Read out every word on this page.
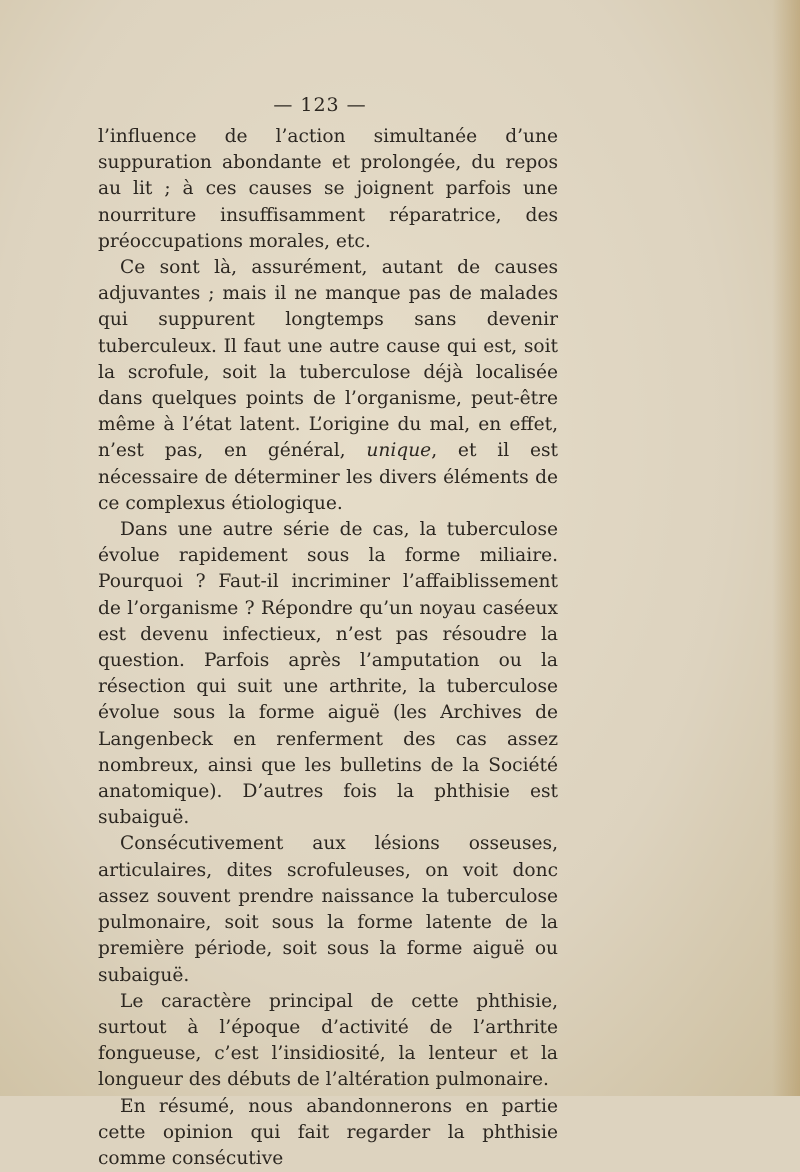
— 123 —

l’influence de l’action simultanée d’une suppuration abondante et prolongée, du repos au lit ; à ces causes se joignent parfois une nourriture insuffisamment réparatrice, des préoccupations morales, etc.

Ce sont là, assurément, autant de causes adjuvantes ; mais il ne manque pas de malades qui suppurent longtemps sans devenir tuberculeux. Il faut une autre cause qui est, soit la scrofule, soit la tuberculose déjà localisée dans quelques points de l’organisme, peut-être même à l’état latent. L’origine du mal, en effet, n’est pas, en général, unique, et il est nécessaire de déterminer les divers éléments de ce complexus étiologique.

Dans une autre série de cas, la tuberculose évolue rapidement sous la forme miliaire. Pourquoi ? Faut-il incriminer l’affaiblissement de l’organisme ? Répondre qu’un noyau caséeux est devenu infectieux, n’est pas résoudre la question. Parfois après l’amputation ou la résection qui suit une arthrite, la tuberculose évolue sous la forme aiguë (les Archives de Langenbeck en renferment des cas assez nombreux, ainsi que les bulletins de la Société anatomique). D’autres fois la phthisie est subaiguë.

Consécutivement aux lésions osseuses, articulaires, dites scrofuleuses, on voit donc assez souvent prendre naissance la tuberculose pulmonaire, soit sous la forme latente de la première période, soit sous la forme aiguë ou subaiguë.

Le caractère principal de cette phthisie, surtout à l’époque d’activité de l’arthrite fongueuse, c’est l’insidiosité, la lenteur et la longueur des débuts de l’altération pulmonaire.

En résumé, nous abandonnerons en partie cette opinion qui fait regarder la phthisie comme consécutive
